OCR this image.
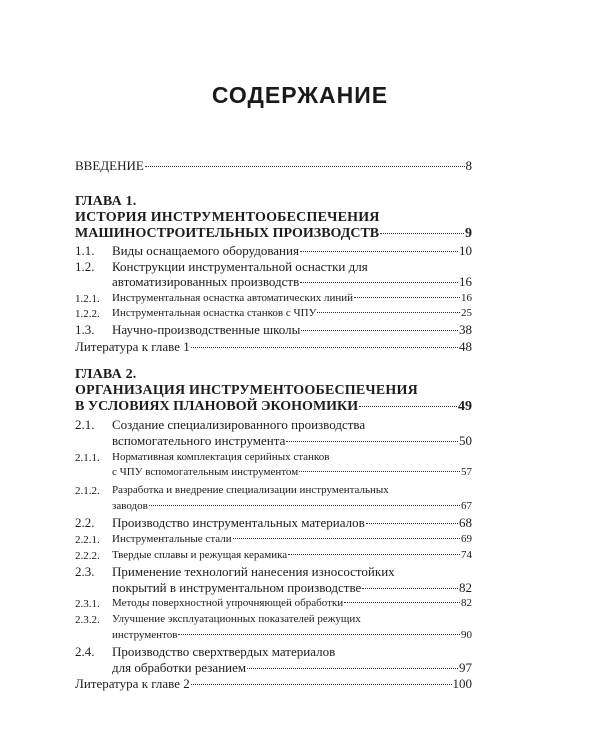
СОДЕРЖАНИЕ
ВВЕДЕНИЕ	8
ГЛАВА 1.
ИСТОРИЯ ИНСТРУМЕНТООБЕСПЕЧЕНИЯ
МАШИНОСТРОИТЕЛЬНЫХ ПРОИЗВОДСТВ	9
1.1. Виды оснащаемого оборудования	10
1.2. Конструкции инструментальной оснастки для
автоматизированных производств	16
1.2.1. Инструментальная оснастка автоматических линий	16
1.2.2. Инструментальная оснастка станков с ЧПУ	25
1.3. Научно-производственные школы	38
Литература к главе 1	48
ГЛАВА 2.
ОРГАНИЗАЦИЯ ИНСТРУМЕНТООБЕСПЕЧЕНИЯ
В УСЛОВИЯХ ПЛАНОВОЙ ЭКОНОМИКИ	49
2.1. Создание специализированного производства
вспомогательного инструмента	50
2.1.1. Нормативная комплектация серийных станков
с ЧПУ вспомогательным инструментом	57
2.1.2. Разработка и внедрение специализации инструментальных
заводов	67
2.2. Производство инструментальных материалов	68
2.2.1. Инструментальные стали	69
2.2.2. Твердые сплавы и режущая керамика	74
2.3. Применение технологий нанесения износостойких
покрытий в инструментальном производстве	82
2.3.1. Методы поверхностной упрочняющей обработки	82
2.3.2. Улучшение эксплуатационных показателей режущих
инструментов	90
2.4. Производство сверхтвердых материалов
для обработки резанием	97
Литература к главе 2	100
